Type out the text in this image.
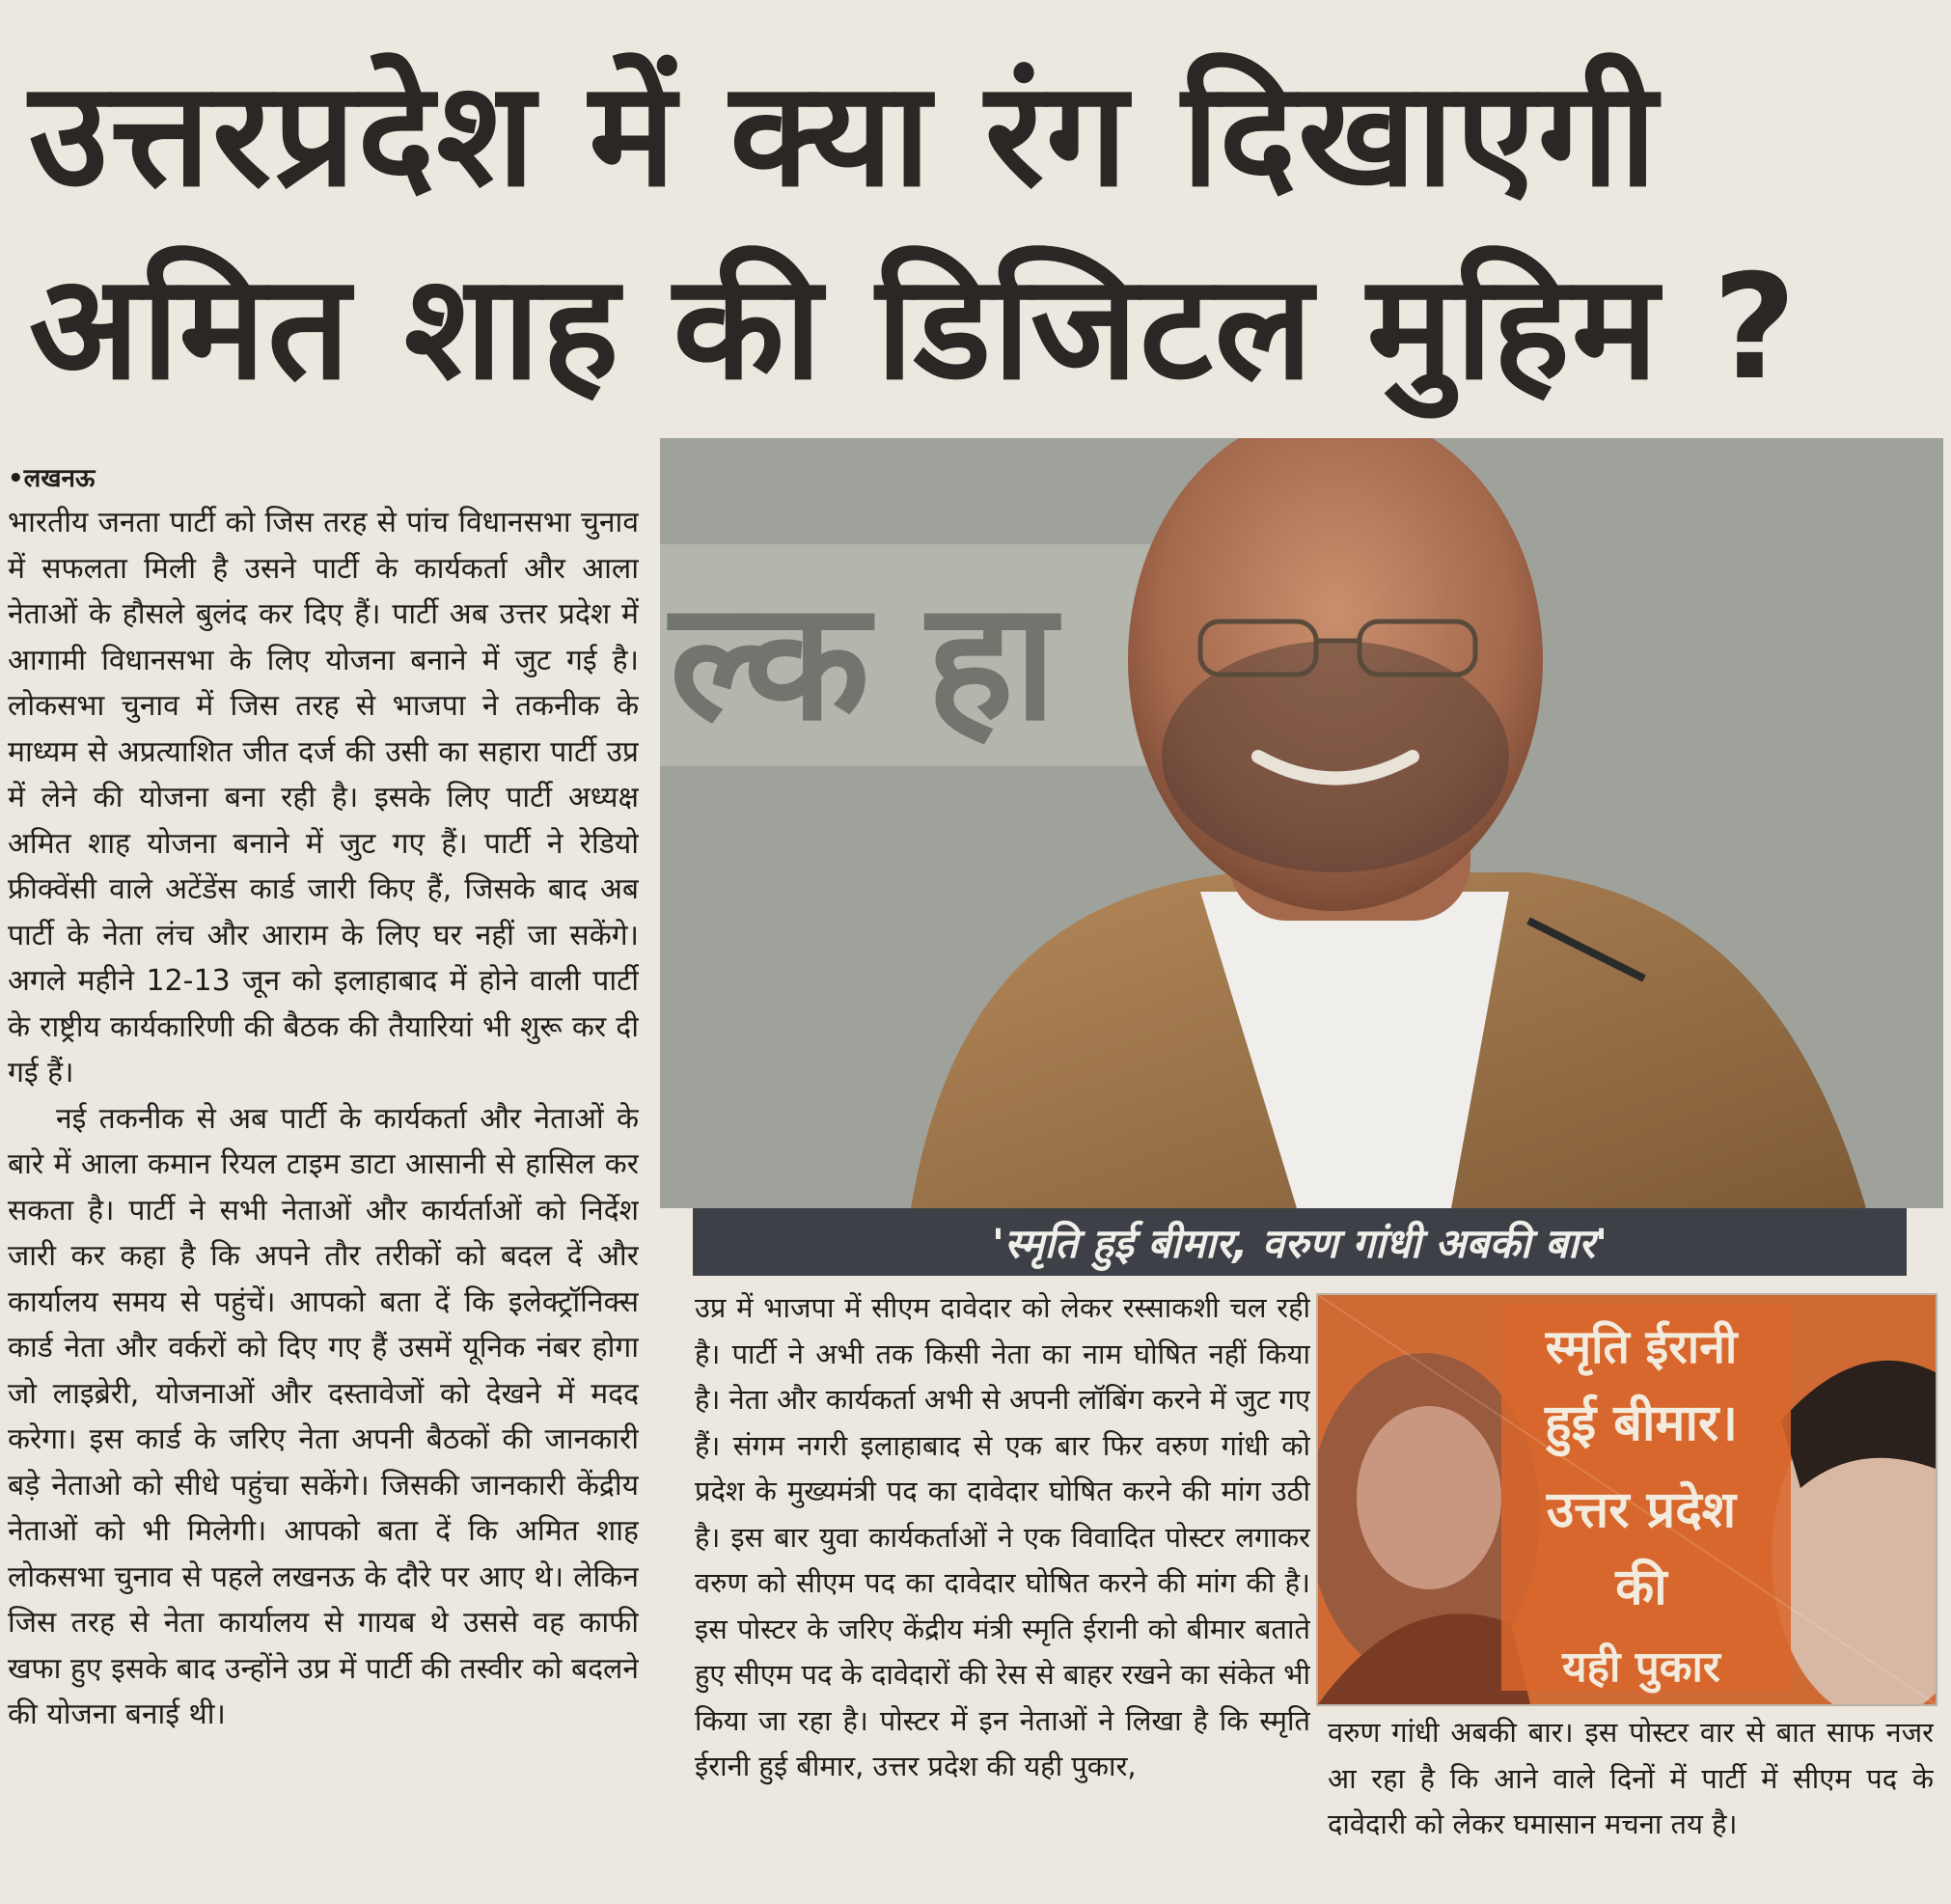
उत्तरप्रदेश में क्या रंग दिखाएगी
अमित शाह की डिजिटल मुहिम ?

•लखनऊ

भारतीय जनता पार्टी को जिस तरह से पांच विधानसभा चुनाव में सफलता मिली है उसने पार्टी के कार्यकर्ता और आला नेताओं के हौसले बुलंद कर दिए हैं। पार्टी अब उत्तर प्रदेश में आगामी विधानसभा के लिए योजना बनाने में जुट गई है। लोकसभा चुनाव में जिस तरह से भाजपा ने तकनीक के माध्यम से अप्रत्याशित जीत दर्ज की उसी का सहारा पार्टी उप्र में लेने की योजना बना रही है। इसके लिए पार्टी अध्यक्ष अमित शाह योजना बनाने में जुट गए हैं। पार्टी ने रेडियो फ्रीक्वेंसी वाले अटेंडेंस कार्ड जारी किए हैं, जिसके बाद अब पार्टी के नेता लंच और आराम के लिए घर नहीं जा सकेंगे। अगले महीने 12-13 जून को इलाहाबाद में होने वाली पार्टी के राष्ट्रीय कार्यकारिणी की बैठक की तैयारियां भी शुरू कर दी गई हैं।

नई तकनीक से अब पार्टी के कार्यकर्ता और नेताओं के बारे में आला कमान रियल टाइम डाटा आसानी से हासिल कर सकता है। पार्टी ने सभी नेताओं और कार्यर्ताओं को निर्देश जारी कर कहा है कि अपने तौर तरीकों को बदल दें और कार्यालय समय से पहुंचें। आपको बता दें कि इलेक्ट्रॉनिक्स कार्ड नेता और वर्करों को दिए गए हैं उसमें यूनिक नंबर होगा जो लाइब्रेरी, योजनाओं और दस्तावेजों को देखने में मदद करेगा। इस कार्ड के जरिए नेता अपनी बैठकों की जानकारी बड़े नेताओ को सीधे पहुंचा सकेंगे। जिसकी जानकारी केंद्रीय नेताओं को भी मिलेगी। आपको बता दें कि अमित शाह लोकसभा चुनाव से पहले लखनऊ के दौरे पर आए थे। लेकिन जिस तरह से नेता कार्यालय से गायब थे उससे वह काफी खफा हुए इसके बाद उन्होंने उप्र में पार्टी की तस्वीर को बदलने की योजना बनाई थी।

ल्क हा
'स्मृति हुई बीमार, वरुण गांधी अबकी बार'

उप्र में भाजपा में सीएम दावेदार को लेकर रस्साकशी चल रही है। पार्टी ने अभी तक किसी नेता का नाम घोषित नहीं किया है। नेता और कार्यकर्ता अभी से अपनी लॉबिंग करने में जुट गए हैं। संगम नगरी इलाहाबाद से एक बार फिर वरुण गांधी को प्रदेश के मुख्यमंत्री पद का दावेदार घोषित करने की मांग उठी है। इस बार युवा कार्यकर्ताओं ने एक विवादित पोस्टर लगाकर वरुण को सीएम पद का दावेदार घोषित करने की मांग की है। इस पोस्टर के जरिए केंद्रीय मंत्री स्मृति ईरानी को बीमार बताते हुए सीएम पद के दावेदारों की रेस से बाहर रखने का संकेत भी किया जा रहा है। पोस्टर में इन नेताओं ने लिखा है कि स्मृति ईरानी हुई बीमार, उत्तर प्रदेश की यही पुकार,

स्मृति ईरानी
हुई बीमार।
उत्तर प्रदेश
की
यही पुकार

वरुण गांधी अबकी बार। इस पोस्टर वार से बात साफ नजर आ रहा है कि आने वाले दिनों में पार्टी में सीएम पद के दावेदारी को लेकर घमासान मचना तय है।
